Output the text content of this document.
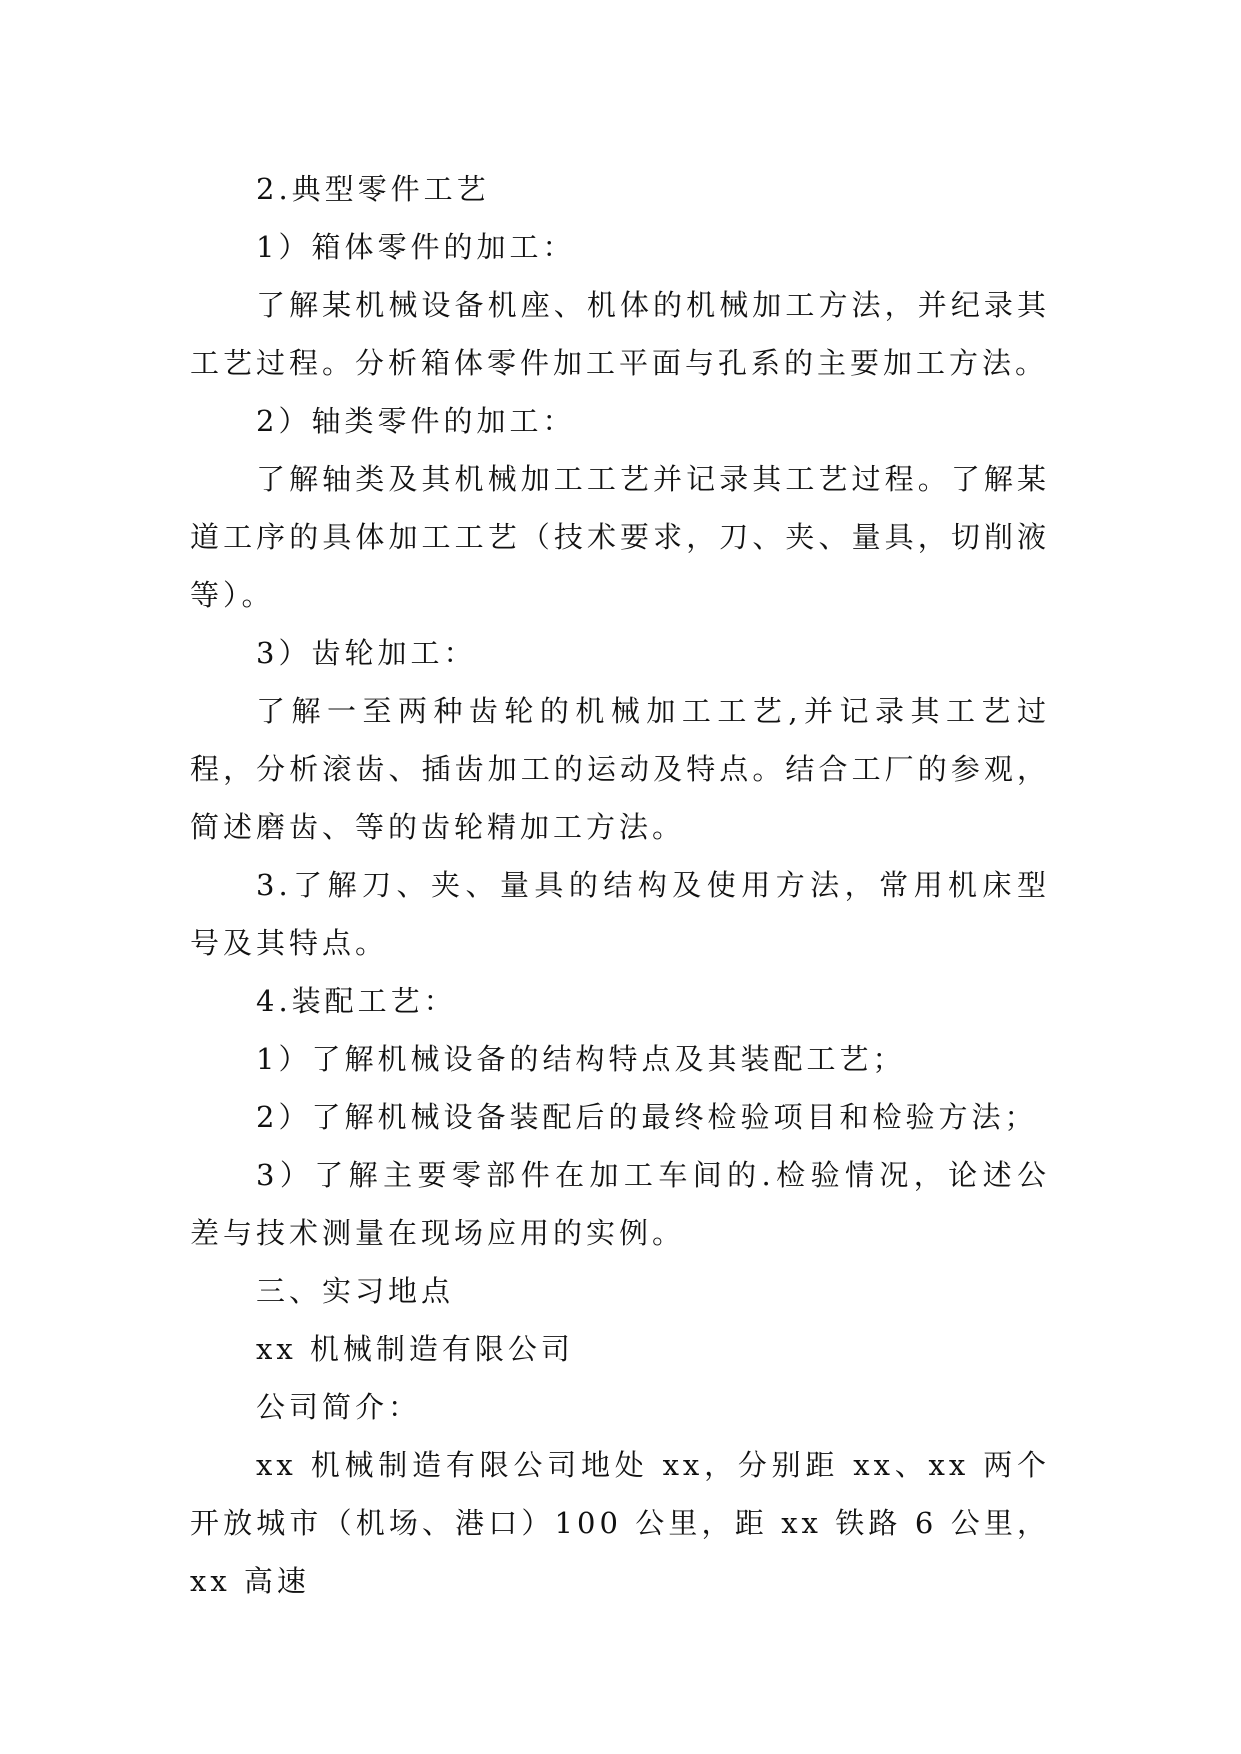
2.典型零件工艺

1）箱体零件的加工：

了解某机械设备机座、机体的机械加工方法，并纪录其工艺过程。分析箱体零件加工平面与孔系的主要加工方法。

2）轴类零件的加工：

了解轴类及其机械加工工艺并记录其工艺过程。了解某道工序的具体加工工艺（技术要求，刀、夹、量具，切削液等）。

3）齿轮加工：

了解一至两种齿轮的机械加工工艺,并记录其工艺过程，分析滚齿、插齿加工的运动及特点。结合工厂的参观，简述磨齿、等的齿轮精加工方法。

3.了解刀、夹、量具的结构及使用方法，常用机床型号及其特点。

4.装配工艺：

1）了解机械设备的结构特点及其装配工艺；

2）了解机械设备装配后的最终检验项目和检验方法；

3）了解主要零部件在加工车间的.检验情况，论述公差与技术测量在现场应用的实例。

三、实习地点

xx 机械制造有限公司

公司简介：

xx 机械制造有限公司地处 xx，分别距 xx、xx 两个开放城市（机场、港口）100 公里，距 xx 铁路 6 公里，xx 高速
